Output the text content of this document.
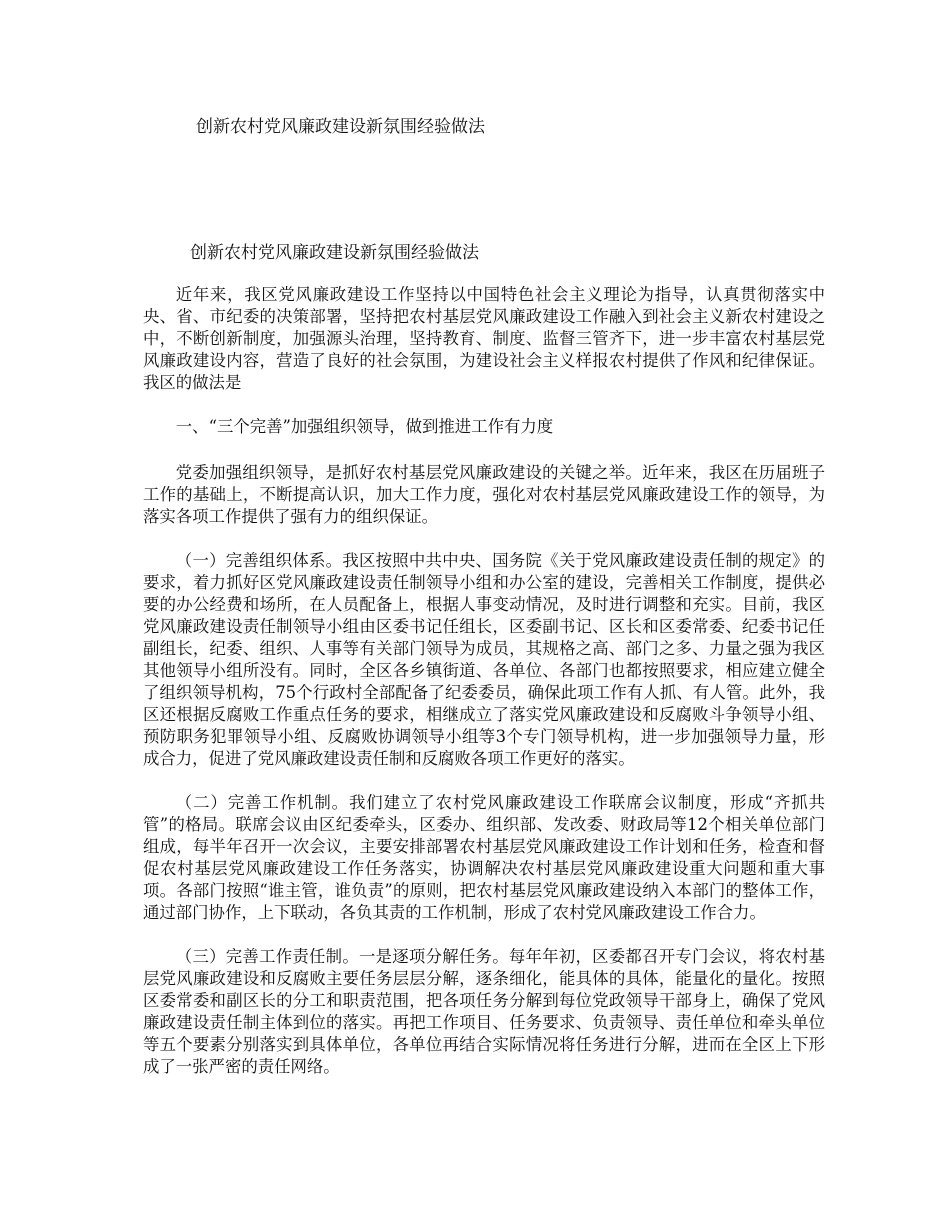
创新农村党风廉政建设新氛围经验做法
创新农村党风廉政建设新氛围经验做法

近年来，我区党风廉政建设工作坚持以中国特色社会主义理论为指导，认真贯彻落实中央、省、市纪委的决策部署，坚持把农村基层党风廉政建设工作融入到社会主义新农村建设之中，不断创新制度，加强源头治理，坚持教育、制度、监督三管齐下，进一步丰富农村基层党风廉政建设内容，营造了良好的社会氛围，为建设社会主义样报农村提供了作风和纪律保证。我区的做法是

一、“三个完善”加强组织领导，做到推进工作有力度

党委加强组织领导，是抓好农村基层党风廉政建设的关键之举。近年来，我区在历届班子工作的基础上，不断提高认识，加大工作力度，强化对农村基层党风廉政建设工作的领导，为落实各项工作提供了强有力的组织保证。

（一）完善组织体系。我区按照中共中央、国务院《关于党风廉政建设责任制的规定》的要求，着力抓好区党风廉政建设责任制领导小组和办公室的建设，完善相关工作制度，提供必要的办公经费和场所，在人员配备上，根据人事变动情况，及时进行调整和充实。目前，我区党风廉政建设责任制领导小组由区委书记任组长，区委副书记、区长和区委常委、纪委书记任副组长，纪委、组织、人事等有关部门领导为成员，其规格之高、部门之多、力量之强为我区其他领导小组所没有。同时，全区各乡镇街道、各单位、各部门也都按照要求，相应建立健全了组织领导机构，75个行政村全部配备了纪委委员，确保此项工作有人抓、有人管。此外，我区还根据反腐败工作重点任务的要求，相继成立了落实党风廉政建设和反腐败斗争领导小组、预防职务犯罪领导小组、反腐败协调领导小组等3个专门领导机构，进一步加强领导力量，形成合力，促进了党风廉政建设责任制和反腐败各项工作更好的落实。

（二）完善工作机制。我们建立了农村党风廉政建设工作联席会议制度，形成“齐抓共管”的格局。联席会议由区纪委牵头，区委办、组织部、发改委、财政局等12个相关单位部门组成，每半年召开一次会议，主要安排部署农村基层党风廉政建设工作计划和任务，检查和督促农村基层党风廉政建设工作任务落实，协调解决农村基层党风廉政建设重大问题和重大事项。各部门按照“谁主管，谁负责”的原则，把农村基层党风廉政建设纳入本部门的整体工作，通过部门协作，上下联动，各负其责的工作机制，形成了农村党风廉政建设工作合力。

（三）完善工作责任制。一是逐项分解任务。每年年初，区委都召开专门会议，将农村基层党风廉政建设和反腐败主要任务层层分解，逐条细化，能具体的具体，能量化的量化。按照区委常委和副区长的分工和职责范围，把各项任务分解到每位党政领导干部身上，确保了党风廉政建设责任制主体到位的落实。再把工作项目、任务要求、负责领导、责任单位和牵头单位等五个要素分别落实到具体单位，各单位再结合实际情况将任务进行分解，进而在全区上下形成了一张严密的责任网络。
